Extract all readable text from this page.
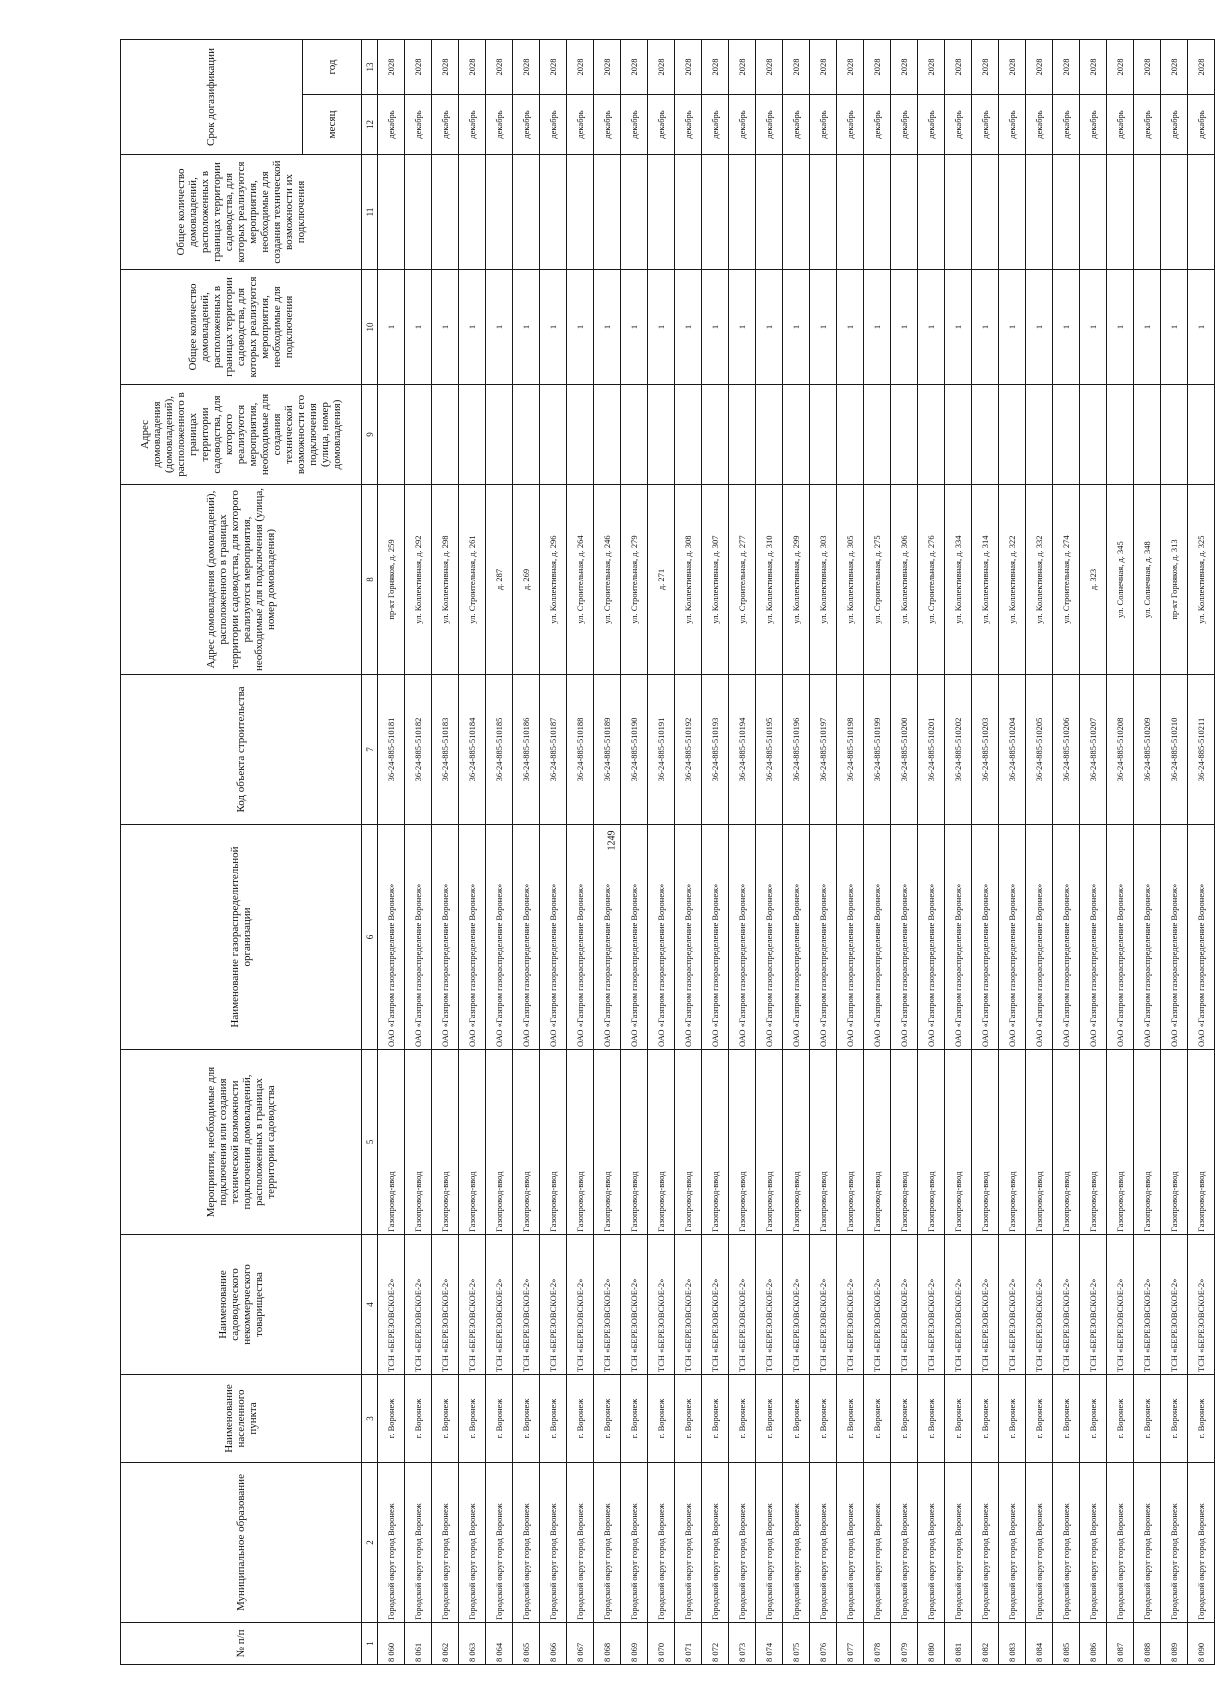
1249
№ п/п	Муниципальное образование	Наименование населенного пункта	Наименование садоводческого некоммерческого товарищества	Мероприятия, необходимые для подключения или создания технической возможности подключения домовладений, расположенных в границах территории садоводства	Наименование газораспределительной организации	Код объекта строительства	Адрес домовладения (домовладений), расположенного в границах территории садоводства, для которого реализуются мероприятия, необходимые для подключения (улица, номер домовладения)	Адрес домовладения (домовладений), расположенного в границах территории садоводства, для которого реализуются мероприятия, необходимые для создания технической возможности его подключения (улица, номер домовладения)	Общее количество домовладений, расположенных в границах территории садоводства, для которых реализуются мероприятия, необходимые для подключения	Общее количество домовладений, расположенных в границах территории садоводства, для которых реализуются мероприятия, необходимые для создания технической возможности их подключения	Срок догазификации	
											месяц	год
1	2	3	4	5	6	7	8	9	10	11	12	13
8 060	Городской округ город Воронеж	г. Воронеж	ТСН «БЕРЕЗОВСКОЕ-2»	Газопровод-ввод	ОАО «Газпром газораспределение Воронеж»	36-24-885-510181	пр-кт Горняков, д. 259		1		декабрь	2028
8 061	Городской округ город Воронеж	г. Воронеж	ТСН «БЕРЕЗОВСКОЕ-2»	Газопровод-ввод	ОАО «Газпром газораспределение Воронеж»	36-24-885-510182	ул. Коллективная, д. 292		1		декабрь	2028
8 062	Городской округ город Воронеж	г. Воронеж	ТСН «БЕРЕЗОВСКОЕ-2»	Газопровод-ввод	ОАО «Газпром газораспределение Воронеж»	36-24-885-510183	ул. Коллективная, д. 298		1		декабрь	2028
8 063	Городской округ город Воронеж	г. Воронеж	ТСН «БЕРЕЗОВСКОЕ-2»	Газопровод-ввод	ОАО «Газпром газораспределение Воронеж»	36-24-885-510184	ул. Строительная, д. 261		1		декабрь	2028
8 064	Городской округ город Воронеж	г. Воронеж	ТСН «БЕРЕЗОВСКОЕ-2»	Газопровод-ввод	ОАО «Газпром газораспределение Воронеж»	36-24-885-510185	д. 287		1		декабрь	2028
8 065	Городской округ город Воронеж	г. Воронеж	ТСН «БЕРЕЗОВСКОЕ-2»	Газопровод-ввод	ОАО «Газпром газораспределение Воронеж»	36-24-885-510186	д. 269		1		декабрь	2028
8 066	Городской округ город Воронеж	г. Воронеж	ТСН «БЕРЕЗОВСКОЕ-2»	Газопровод-ввод	ОАО «Газпром газораспределение Воронеж»	36-24-885-510187	ул. Коллективная, д. 296		1		декабрь	2028
8 067	Городской округ город Воронеж	г. Воронеж	ТСН «БЕРЕЗОВСКОЕ-2»	Газопровод-ввод	ОАО «Газпром газораспределение Воронеж»	36-24-885-510188	ул. Строительная, д. 264		1		декабрь	2028
8 068	Городской округ город Воронеж	г. Воронеж	ТСН «БЕРЕЗОВСКОЕ-2»	Газопровод-ввод	ОАО «Газпром газораспределение Воронеж»	36-24-885-510189	ул. Строительная, д. 246		1		декабрь	2028
8 069	Городской округ город Воронеж	г. Воронеж	ТСН «БЕРЕЗОВСКОЕ-2»	Газопровод-ввод	ОАО «Газпром газораспределение Воронеж»	36-24-885-510190	ул. Строительная, д. 279		1		декабрь	2028
8 070	Городской округ город Воронеж	г. Воронеж	ТСН «БЕРЕЗОВСКОЕ-2»	Газопровод-ввод	ОАО «Газпром газораспределение Воронеж»	36-24-885-510191	д. 271		1		декабрь	2028
8 071	Городской округ город Воронеж	г. Воронеж	ТСН «БЕРЕЗОВСКОЕ-2»	Газопровод-ввод	ОАО «Газпром газораспределение Воронеж»	36-24-885-510192	ул. Коллективная, д. 308		1		декабрь	2028
8 072	Городской округ город Воронеж	г. Воронеж	ТСН «БЕРЕЗОВСКОЕ-2»	Газопровод-ввод	ОАО «Газпром газораспределение Воронеж»	36-24-885-510193	ул. Коллективная, д. 307		1		декабрь	2028
8 073	Городской округ город Воронеж	г. Воронеж	ТСН «БЕРЕЗОВСКОЕ-2»	Газопровод-ввод	ОАО «Газпром газораспределение Воронеж»	36-24-885-510194	ул. Строительная, д. 277		1		декабрь	2028
8 074	Городской округ город Воронеж	г. Воронеж	ТСН «БЕРЕЗОВСКОЕ-2»	Газопровод-ввод	ОАО «Газпром газораспределение Воронеж»	36-24-885-510195	ул. Коллективная, д. 310		1		декабрь	2028
8 075	Городской округ город Воронеж	г. Воронеж	ТСН «БЕРЕЗОВСКОЕ-2»	Газопровод-ввод	ОАО «Газпром газораспределение Воронеж»	36-24-885-510196	ул. Коллективная, д. 299		1		декабрь	2028
8 076	Городской округ город Воронеж	г. Воронеж	ТСН «БЕРЕЗОВСКОЕ-2»	Газопровод-ввод	ОАО «Газпром газораспределение Воронеж»	36-24-885-510197	ул. Коллективная, д. 303		1		декабрь	2028
8 077	Городской округ город Воронеж	г. Воронеж	ТСН «БЕРЕЗОВСКОЕ-2»	Газопровод-ввод	ОАО «Газпром газораспределение Воронеж»	36-24-885-510198	ул. Коллективная, д. 305		1		декабрь	2028
8 078	Городской округ город Воронеж	г. Воронеж	ТСН «БЕРЕЗОВСКОЕ-2»	Газопровод-ввод	ОАО «Газпром газораспределение Воронеж»	36-24-885-510199	ул. Строительная, д. 275		1		декабрь	2028
8 079	Городской округ город Воронеж	г. Воронеж	ТСН «БЕРЕЗОВСКОЕ-2»	Газопровод-ввод	ОАО «Газпром газораспределение Воронеж»	36-24-885-510200	ул. Коллективная, д. 306		1		декабрь	2028
8 080	Городской округ город Воронеж	г. Воронеж	ТСН «БЕРЕЗОВСКОЕ-2»	Газопровод-ввод	ОАО «Газпром газораспределение Воронеж»	36-24-885-510201	ул. Строительная, д. 276		1		декабрь	2028
8 081	Городской округ город Воронеж	г. Воронеж	ТСН «БЕРЕЗОВСКОЕ-2»	Газопровод-ввод	ОАО «Газпром газораспределение Воронеж»	36-24-885-510202	ул. Коллективная, д. 334		1		декабрь	2028
8 082	Городской округ город Воронеж	г. Воронеж	ТСН «БЕРЕЗОВСКОЕ-2»	Газопровод-ввод	ОАО «Газпром газораспределение Воронеж»	36-24-885-510203	ул. Коллективная, д. 314		1		декабрь	2028
8 083	Городской округ город Воронеж	г. Воронеж	ТСН «БЕРЕЗОВСКОЕ-2»	Газопровод-ввод	ОАО «Газпром газораспределение Воронеж»	36-24-885-510204	ул. Коллективная, д. 322		1		декабрь	2028
8 084	Городской округ город Воронеж	г. Воронеж	ТСН «БЕРЕЗОВСКОЕ-2»	Газопровод-ввод	ОАО «Газпром газораспределение Воронеж»	36-24-885-510205	ул. Коллективная, д. 332		1		декабрь	2028
8 085	Городской округ город Воронеж	г. Воронеж	ТСН «БЕРЕЗОВСКОЕ-2»	Газопровод-ввод	ОАО «Газпром газораспределение Воронеж»	36-24-885-510206	ул. Строительная, д. 274		1		декабрь	2028
8 086	Городской округ город Воронеж	г. Воронеж	ТСН «БЕРЕЗОВСКОЕ-2»	Газопровод-ввод	ОАО «Газпром газораспределение Воронеж»	36-24-885-510207	д. 323		1		декабрь	2028
8 087	Городской округ город Воронеж	г. Воронеж	ТСН «БЕРЕЗОВСКОЕ-2»	Газопровод-ввод	ОАО «Газпром газораспределение Воронеж»	36-24-885-510208	ул. Солнечная, д. 345		1		декабрь	2028
8 088	Городской округ город Воронеж	г. Воронеж	ТСН «БЕРЕЗОВСКОЕ-2»	Газопровод-ввод	ОАО «Газпром газораспределение Воронеж»	36-24-885-510209	ул. Солнечная, д. 348		1		декабрь	2028
8 089	Городской округ город Воронеж	г. Воронеж	ТСН «БЕРЕЗОВСКОЕ-2»	Газопровод-ввод	ОАО «Газпром газораспределение Воронеж»	36-24-885-510210	пр-кт Горняков, д. 313		1		декабрь	2028
8 090	Городской округ город Воронеж	г. Воронеж	ТСН «БЕРЕЗОВСКОЕ-2»	Газопровод-ввод	ОАО «Газпром газораспределение Воронеж»	36-24-885-510211	ул. Коллективная, д. 325		1		декабрь	2028
